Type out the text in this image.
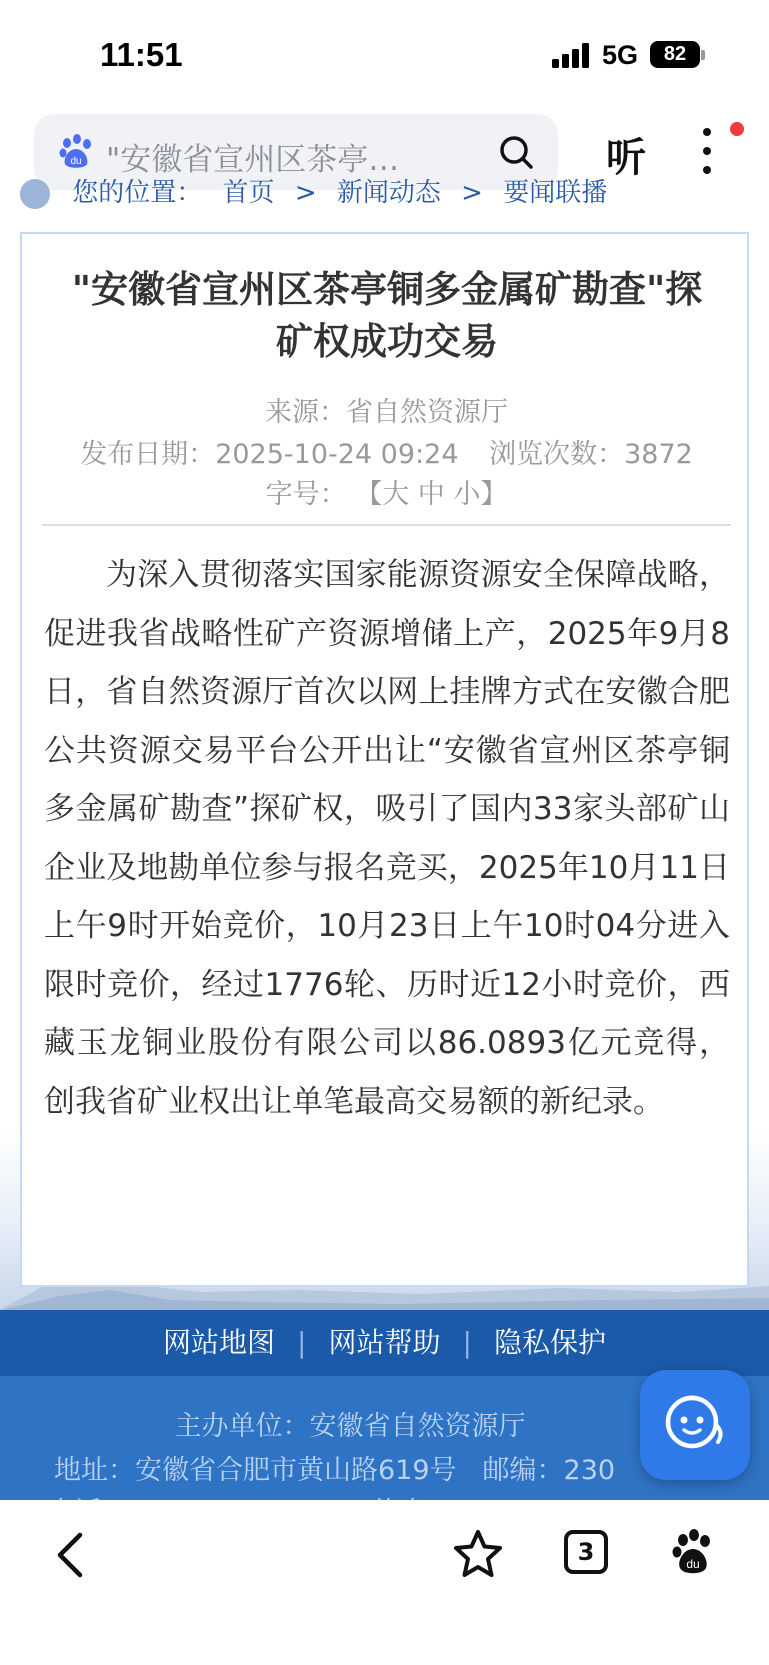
11:51	5G	82
du "安徽省宣州区茶亭…	听
您的位置： 首页 > 新闻动态 > 要闻联播
"安徽省宣州区茶亭铜多金属矿勘查"探矿权成功交易
来源：省自然资源厅
发布日期：2025-10-24 09:24 浏览次数：3872
字号： 【大 中 小】

为深入贯彻落实国家能源资源安全保障战略，促进我省战略性矿产资源增储上产，2025年9月8日，省自然资源厅首次以网上挂牌方式在安徽合肥公共资源交易平台公开出让“安徽省宣州区茶亭铜多金属矿勘查”探矿权，吸引了国内33家头部矿山企业及地勘单位参与报名竞买，2025年10月11日上午9时开始竞价，10月23日上午10时04分进入限时竞价，经过1776轮、历时近12小时竞价，西藏玉龙铜业股份有限公司以86.0893亿元竞得，创我省矿业权出让单笔最高交易额的新纪录。

网站地图 | 网站帮助 | 隐私保护
主办单位：安徽省自然资源厅
地址：安徽省合肥市黄山路619号 邮编：230
3	du
